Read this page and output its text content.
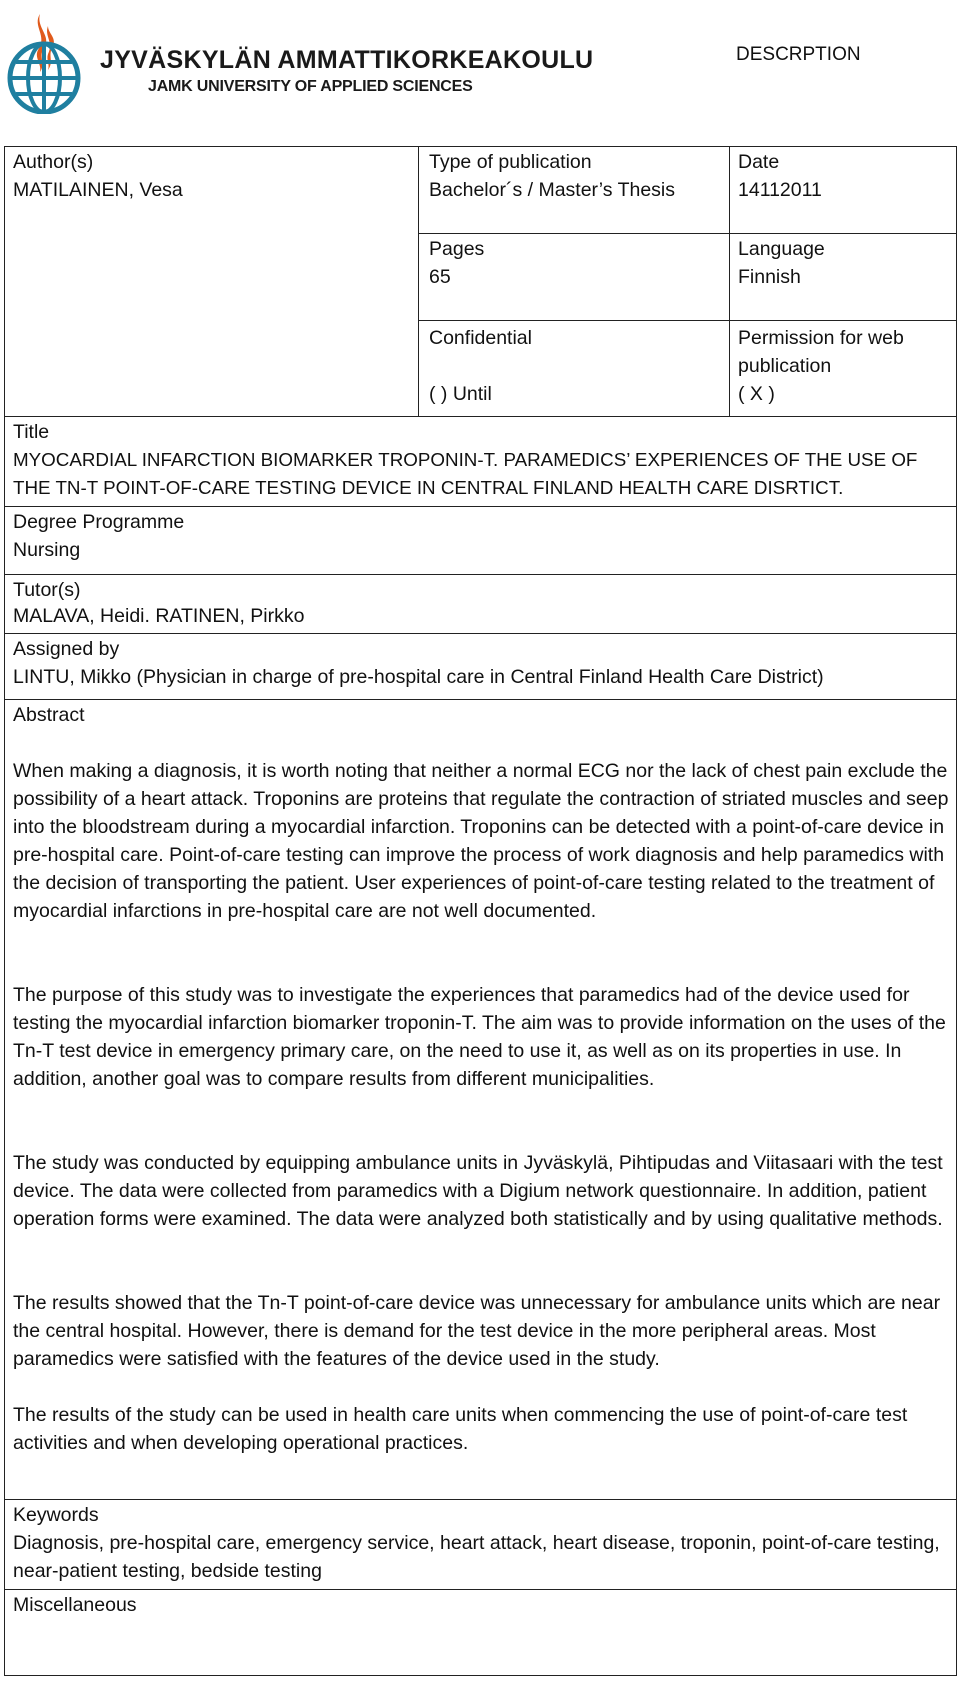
JYVÄSKYLÄN AMMATTIKORKEAKOULU
JAMK UNIVERSITY OF APPLIED SCIENCES
DESCRPTION
Author(s)
MATILAINEN, Vesa
Type of publication
Bachelor´s / Master’s Thesis
Date
14112011
Pages
65
Language
Finnish
Confidential
( ) Until
Permission for web
publication
( X )
Title
MYOCARDIAL INFARCTION BIOMARKER TROPONIN-T. PARAMEDICS’ EXPERIENCES OF THE USE OF
THE TN-T POINT-OF-CARE TESTING DEVICE IN CENTRAL FINLAND HEALTH CARE DISRTICT.
Degree Programme
Nursing
Tutor(s)
MALAVA, Heidi. RATINEN, Pirkko
Assigned by
LINTU, Mikko (Physician in charge of pre-hospital care in Central Finland Health Care District)
Abstract

When making a diagnosis, it is worth noting that neither a normal ECG nor the lack of chest pain exclude the possibility of a heart attack. Troponins are proteins that regulate the contraction of striated muscles and seep into the bloodstream during a myocardial infarction. Troponins can be detected with a point-of-care device in pre-hospital care. Point-of-care testing can improve the process of work diagnosis and help paramedics with the decision of transporting the patient. User experiences of point-of-care testing related to the treatment of myocardial infarctions in pre-hospital care are not well documented.

The purpose of this study was to investigate the experiences that paramedics had of the device used for testing the myocardial infarction biomarker troponin-T. The aim was to provide information on the uses of the Tn-T test device in emergency primary care, on the need to use it, as well as on its properties in use. In addition, another goal was to compare results from different municipalities.

The study was conducted by equipping ambulance units in Jyväskylä, Pihtipudas and Viitasaari with the test device. The data were collected from paramedics with a Digium network questionnaire. In addition, patient operation forms were examined. The data were analyzed both statistically and by using qualitative methods.

The results showed that the Tn-T point-of-care device was unnecessary for ambulance units which are near the central hospital. However, there is demand for the test device in the more peripheral areas. Most paramedics were satisfied with the features of the device used in the study.

The results of the study can be used in health care units when commencing the use of point-of-care test activities and when developing operational practices.

Keywords

Diagnosis, pre-hospital care, emergency service, heart attack, heart disease, troponin, point-of-care testing, near-patient testing, bedside testing

Miscellaneous
